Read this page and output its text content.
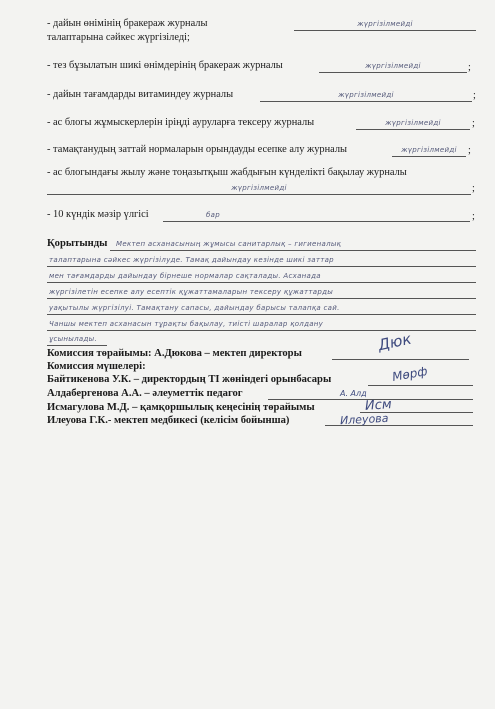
- дайын өнімінің бракераж журналы	жүргізілмейді
талаптарына сәйкес жүргізіледі;
- тез бұзылатын шикі өнімдерінің бракераж журналы	жүргізілмейді	;
- дайын тағамдарды витаминдеу журналы	жүргізілмейді	;
- ас блогы жұмыскерлерін іріңді ауруларға тексеру журналы	жүргізілмейді	;
- тамақтанудың заттай нормаларын орындауды есепке алу журналы	жүргізілмейді	;
- ас блогындағы жылу және тоңазытқыш жабдығын күнделікті бақылау журналы
жүргізілмейді	;
- 10 күндік мәзір үлгісі	бар	;
Қорытынды Мектеп асханасының жұмысы санитарлық – гигиеналық
талаптарына сәйкес жүргізілуде. Тамақ дайындау кезінде шикі заттар
мен тағамдарды дайындау бірнеше нормалар сақталады. Асханада
жүргізілетін есепке алу есептік құжаттамаларын тексеру құжаттарды
уақытылы жүргізілуі. Тамақтану сапасы, дайындау барысы талапқа сай.
Чаншы мектеп асханасын тұрақты бақылау, тиісті шаралар қолдану
ұсынылады.
Комиссия төрайымы: А.Дюкова – мектеп директоры	Дюк
Комиссия мүшелері:
Байтикенова У.К. – директордың ТІ жөніндегі орынбасары	Мөрф
Алдабергенова А.А. – әлеуметтік педагог	А. Алд
Исмагулова М.Д. – қамқоршылық кеңесінің төрайымы	Исм
Илеуова Г.К.- мектеп медбикесі (келісім бойынша)	Илеуова
